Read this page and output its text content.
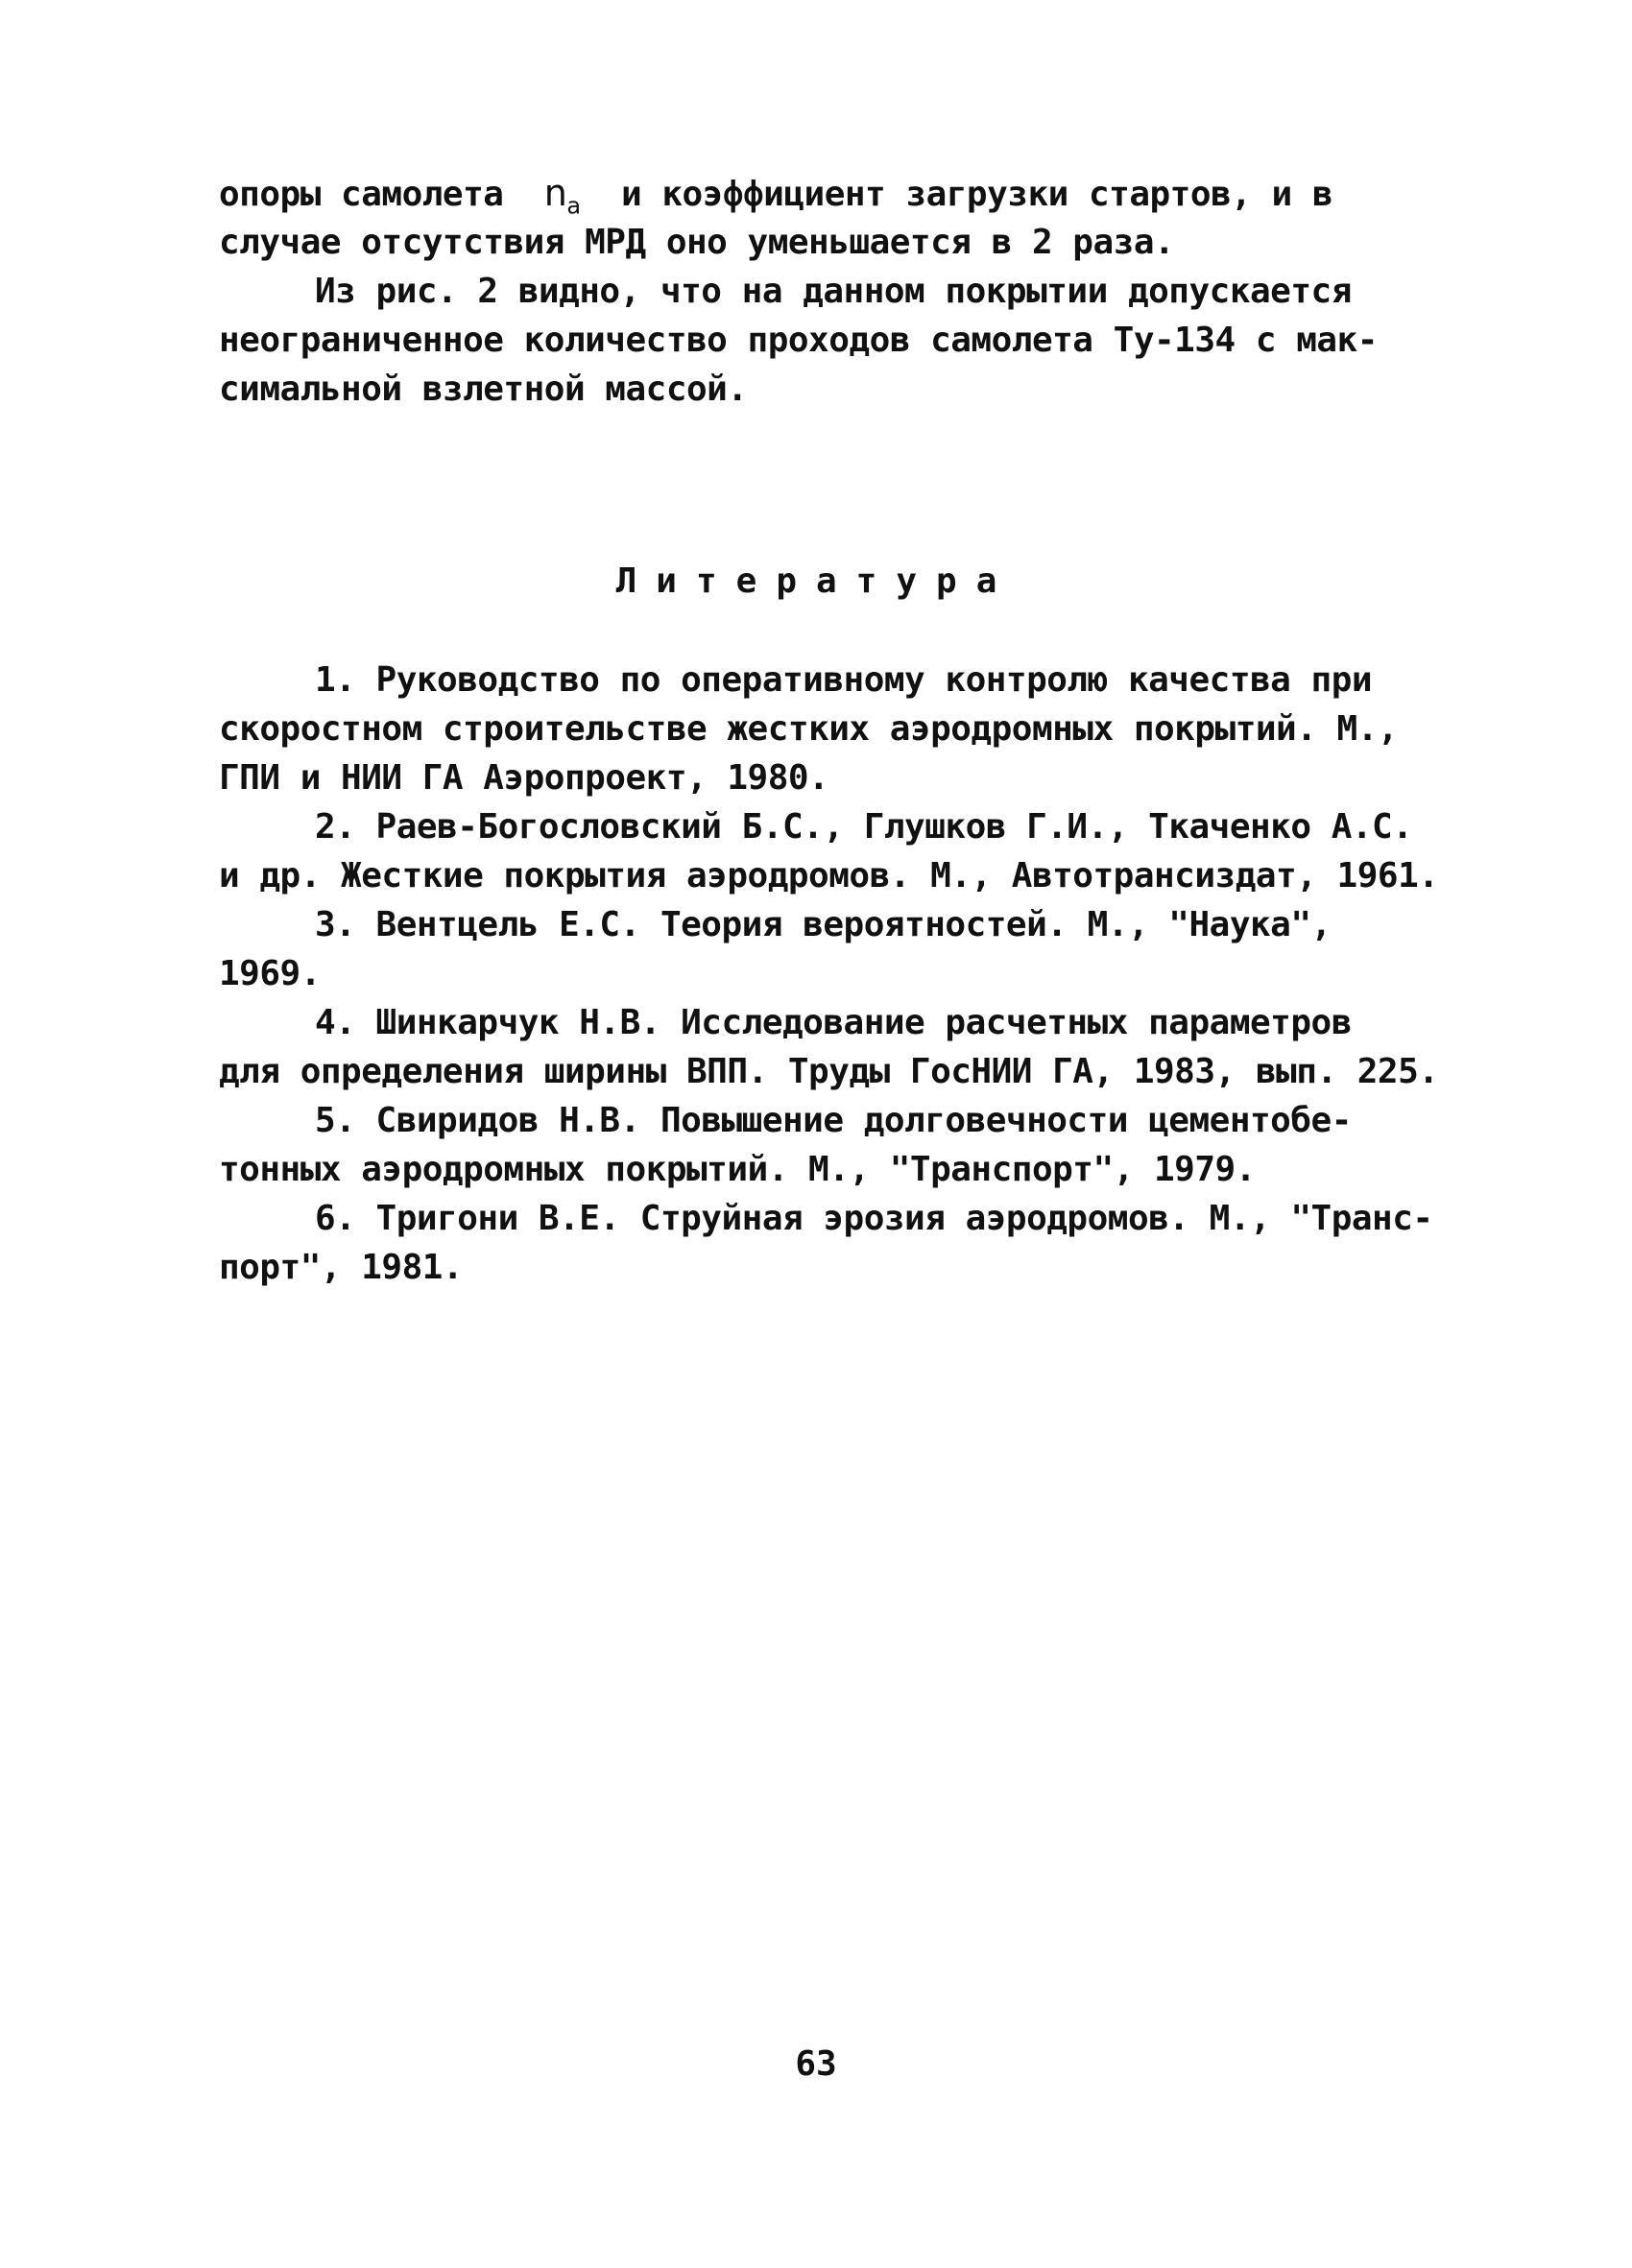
опоры самолета $n_a$ и коэффициент загрузки стартов, и в
случае отсутствия МРД оно уменьшается в 2 раза.
Из рис. 2 видно, что на данном покрытии допускается
неограниченное количество проходов самолета Ту-134 с мак-
симальной взлетной массой.
Литература
1. Руководство по оперативному контролю качества при
скоростном строительстве жестких аэродромных покрытий. М.,
ГПИ и НИИ ГА Аэропроект, 1980.
2. Раев-Богословский Б.С., Глушков Г.И., Ткаченко А.С.
и др. Жесткие покрытия аэродромов. М., Автотрансиздат, 1961.
3. Вентцель Е.С. Теория вероятностей. М., "Наука",
1969.
4. Шинкарчук Н.В. Исследование расчетных параметров
для определения ширины ВПП. Труды ГосНИИ ГА, 1983, вып. 225.
5. Свиридов Н.В. Повышение долговечности цементобе-
тонных аэродромных покрытий. М., "Транспорт", 1979.
6. Тригони В.Е. Струйная эрозия аэродромов. М., "Транс-
порт", 1981.
63
